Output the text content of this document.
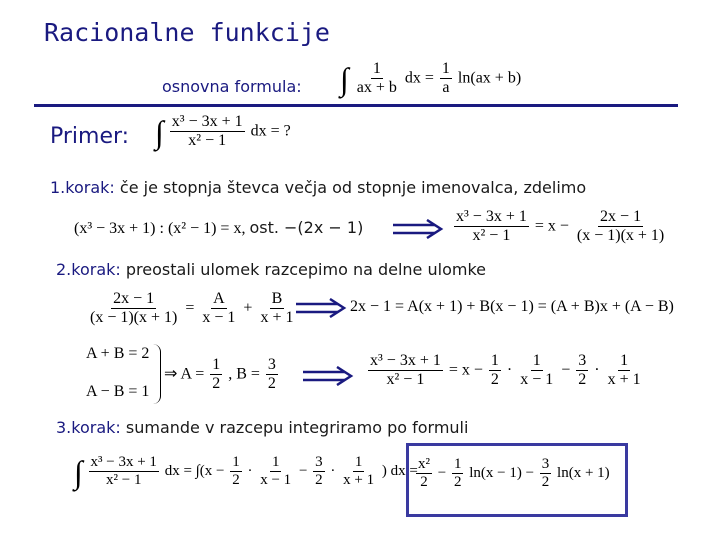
Racionalne funkcije
osnovna formula: ∫ $\frac{1}{ax + b}$ dx = $\frac{1}{a} \ln(ax + b)$
Primer: ∫ $\frac{\text{x³ − 3x + 1}}{\text{x² − 1}}$ dx = ?
1.korak: če je stopnja števca večja od stopnje imenovalca, zdelimo
(x³ − 3x + 1) : (x² − 1) = x, ost. −(2x − 1)	$\frac{\text{x³ − 3x + 1}}{\text{x² − 1}} = x - \frac{2x - 1}{(x - 1)(x + 1)}$
2.korak: preostali ulomek razcepimo na delne ulomke
$\frac{2x - 1}{(x - 1)(x + 1)} = \frac{A}{x - 1} + \frac{B}{x + 1}$	2x − 1 = A(x + 1) + B(x − 1) = (A + B)x + (A − B)
A + B = 2
A − B = 1
⇒ $A = \frac{1}{2}$ , $B = \frac{3}{2}$	$\frac{\text{x³ − 3x + 1}}{\text{x² − 1}} = x - \frac{1}{2} \cdot \frac{1}{x - 1} - \frac{3}{2} \cdot \frac{1}{x + 1}$
3.korak: sumande v razcepu integriramo po formuli
∫ $\frac{\text{x³ − 3x + 1}}{\text{x² − 1}}$ dx = $\int(x - \frac{1}{2} \cdot \frac{1}{x - 1} - \frac{3}{2} \cdot \frac{1}{x + 1}$ ) dx =
$\frac{\text{x²}}{2} - \frac{1}{2} \ln(x - 1) - \frac{3}{2} \ln(x + 1)$
